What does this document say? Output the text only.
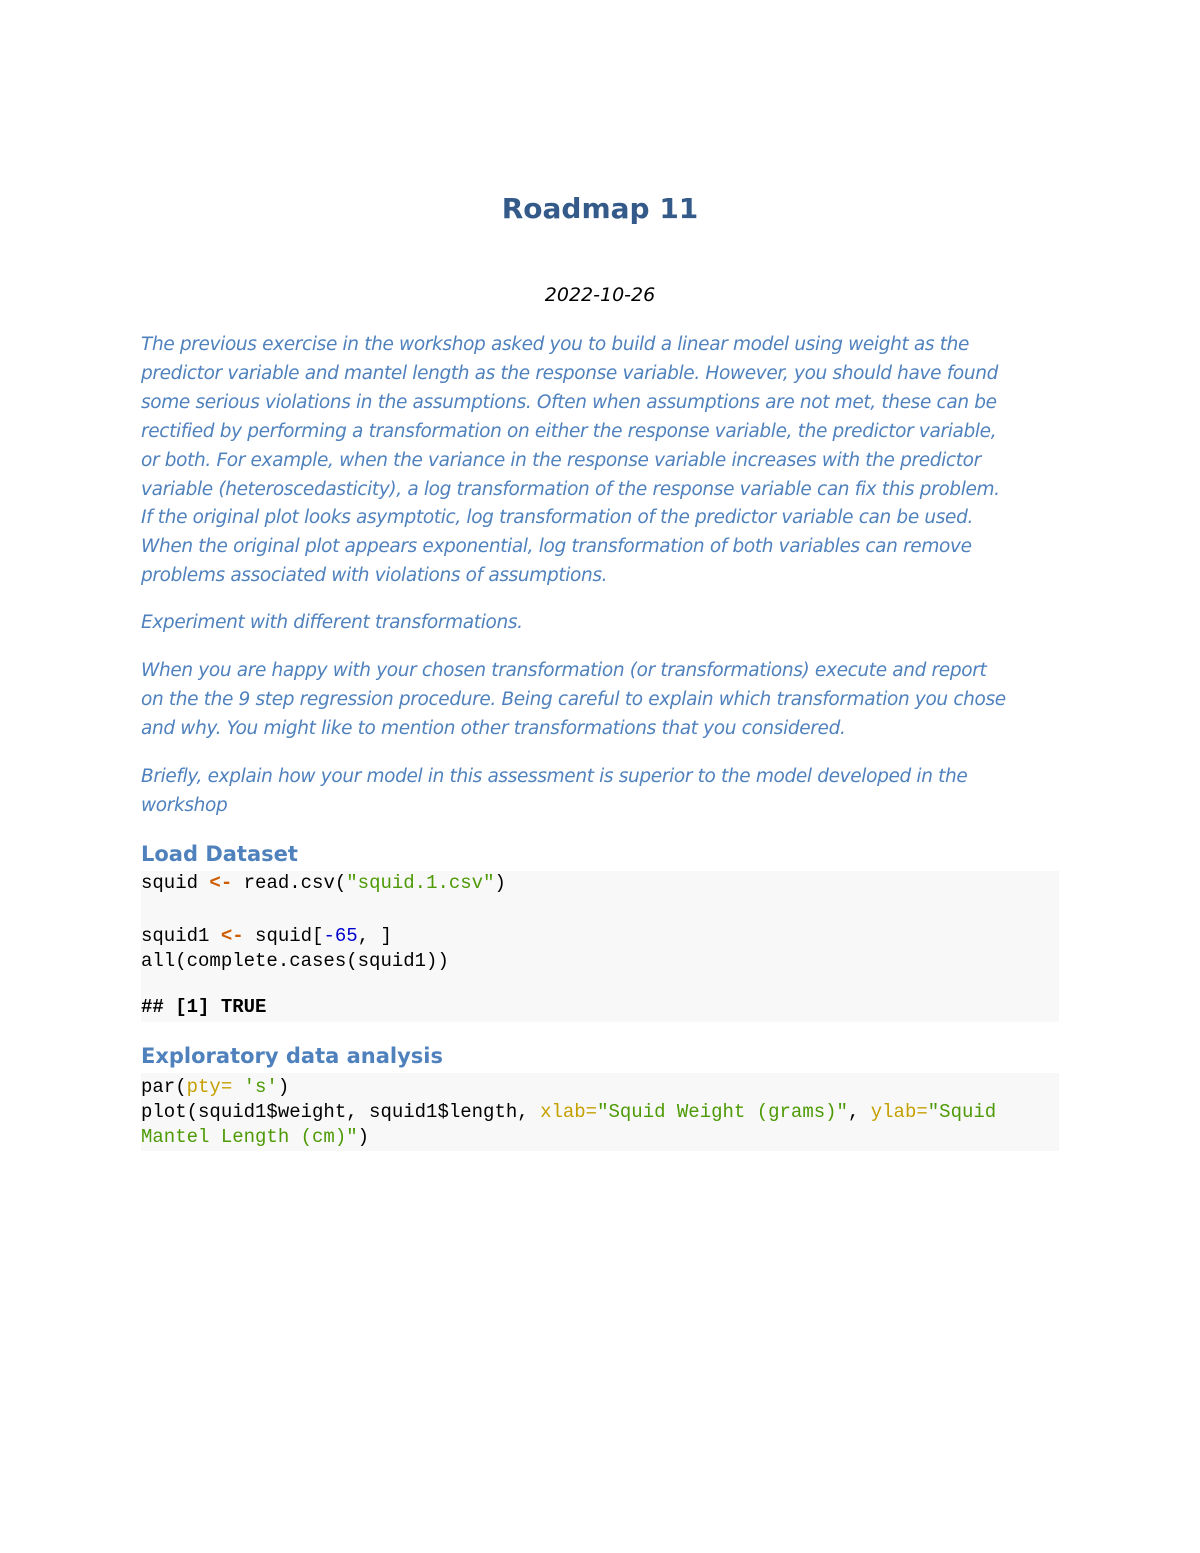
Roadmap 11
2022-10-26
The previous exercise in the workshop asked you to build a linear model using weight as the
predictor variable and mantel length as the response variable. However, you should have found
some serious violations in the assumptions. Often when assumptions are not met, these can be
rectified by performing a transformation on either the response variable, the predictor variable,
or both. For example, when the variance in the response variable increases with the predictor
variable (heteroscedasticity), a log transformation of the response variable can fix this problem.
If the original plot looks asymptotic, log transformation of the predictor variable can be used.
When the original plot appears exponential, log transformation of both variables can remove
problems associated with violations of assumptions.
Experiment with different transformations.
When you are happy with your chosen transformation (or transformations) execute and report
on the the 9 step regression procedure. Being careful to explain which transformation you chose
and why. You might like to mention other transformations that you considered.
Briefly, explain how your model in this assessment is superior to the model developed in the
workshop
Load Dataset

squid <- read.csv("squid.1.csv")

squid1 <- squid[-65, ]

all(complete.cases(squid1))

## [1] TRUE

Exploratory data analysis

par(pty= 's')

plot(squid1$weight, squid1$length, xlab="Squid Weight (grams)", ylab="Squid

Mantel Length (cm)")
